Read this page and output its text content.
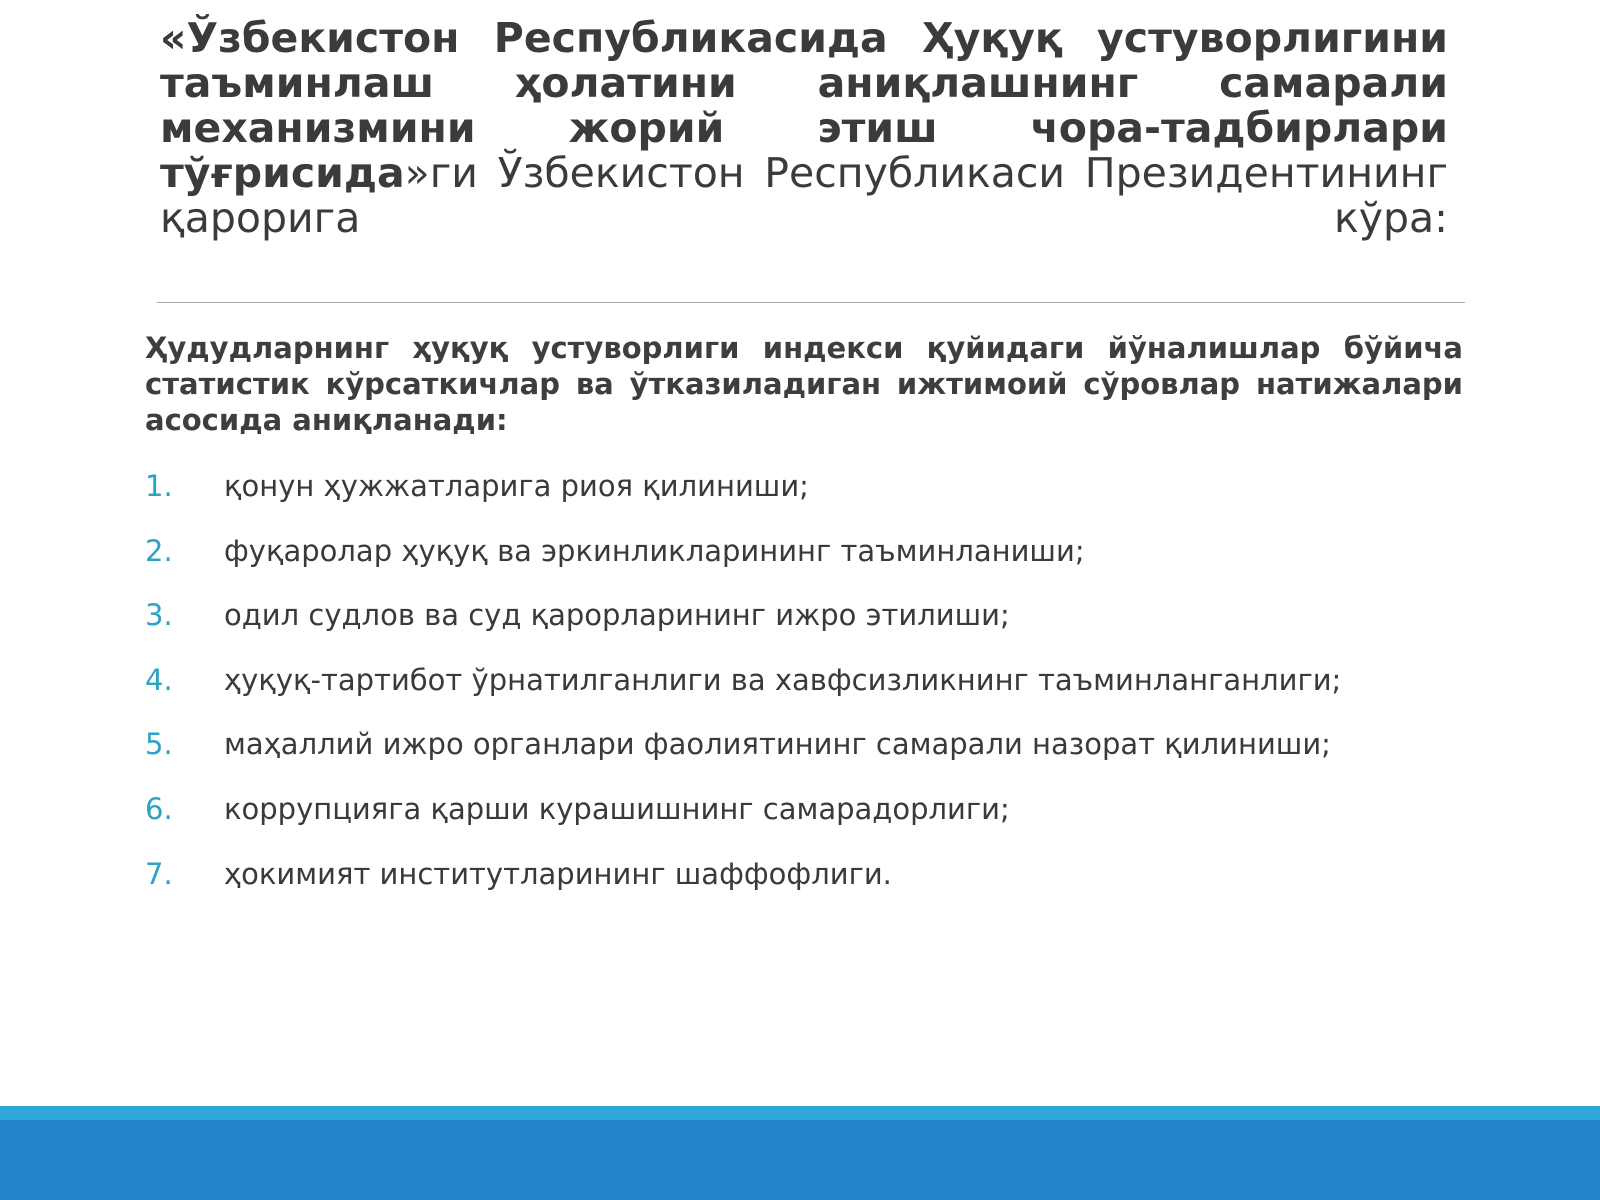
«Ўзбекистон Республикасида Ҳуқуқ устуворлигини таъминлаш ҳолатини аниқлашнинг самарали механизмини жорий этиш чора-тадбирлари тўғрисида»ги Ўзбекистон Республикаси Президентининг қарорига кўра:
Ҳудудларнинг ҳуқуқ устуворлиги индекси қуйидаги йўналишлар бўйича статистик кўрсаткичлар ва ўтказиладиган ижтимоий сўровлар натижалари асосида аниқланади:
1. қонун ҳужжатларига риоя қилиниши;
2. фуқаролар ҳуқуқ ва эркинликларининг таъминланиши;
3. одил судлов ва суд қарорларининг ижро этилиши;
4. ҳуқуқ-тартибот ўрнатилганлиги ва хавфсизликнинг таъминланганлиги;
5. маҳаллий ижро органлари фаолиятининг самарали назорат қилиниши;
6. коррупцияга қарши курашишнинг самарадорлиги;
7. ҳокимият институтларининг шаффофлиги.
